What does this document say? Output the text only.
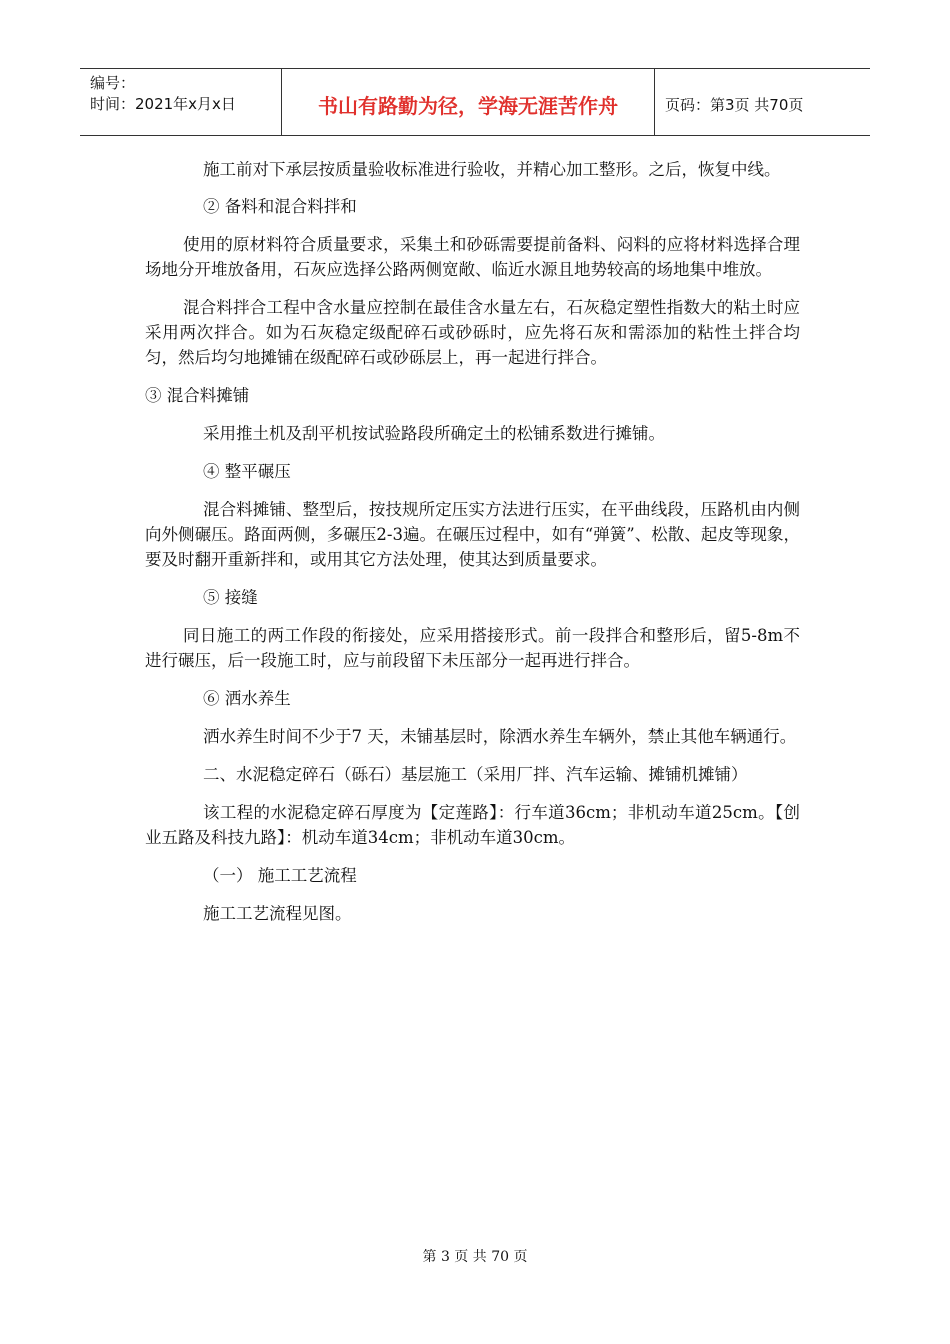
编号：
时间：2021年x月x日	书山有路勤为径，学海无涯苦作舟	页码：第3页 共70页

施工前对下承层按质量验收标准进行验收，并精心加工整形。之后，恢复中线。

② 备料和混合料拌和

使用的原材料符合质量要求，采集土和砂砾需要提前备料、闷料的应将材料选择合理场地分开堆放备用，石灰应选择公路两侧宽敞、临近水源且地势较高的场地集中堆放。

混合料拌合工程中含水量应控制在最佳含水量左右，石灰稳定塑性指数大的粘土时应采用两次拌合。如为石灰稳定级配碎石或砂砾时，应先将石灰和需添加的粘性土拌合均匀，然后均匀地摊铺在级配碎石或砂砾层上，再一起进行拌合。

③ 混合料摊铺

采用推土机及刮平机按试验路段所确定土的松铺系数进行摊铺。

④ 整平碾压

混合料摊铺、整型后，按技规所定压实方法进行压实，在平曲线段，压路机由内侧向外侧碾压。路面两侧，多碾压2-3遍。在碾压过程中，如有“弹簧”、松散、起皮等现象，要及时翻开重新拌和，或用其它方法处理，使其达到质量要求。

⑤ 接缝

同日施工的两工作段的衔接处，应采用搭接形式。前一段拌合和整形后，留5-8m不进行碾压，后一段施工时，应与前段留下未压部分一起再进行拌合。

⑥ 洒水养生

洒水养生时间不少于7 天，未铺基层时，除洒水养生车辆外，禁止其他车辆通行。

二、水泥稳定碎石（砾石）基层施工（采用厂拌、汽车运输、摊铺机摊铺）

该工程的水泥稳定碎石厚度为【定莲路】：行车道36cm；非机动车道25cm。【创业五路及科技九路】：机动车道34cm；非机动车道30cm。

（一） 施工工艺流程

施工工艺流程见图。

第 3 页 共 70 页
